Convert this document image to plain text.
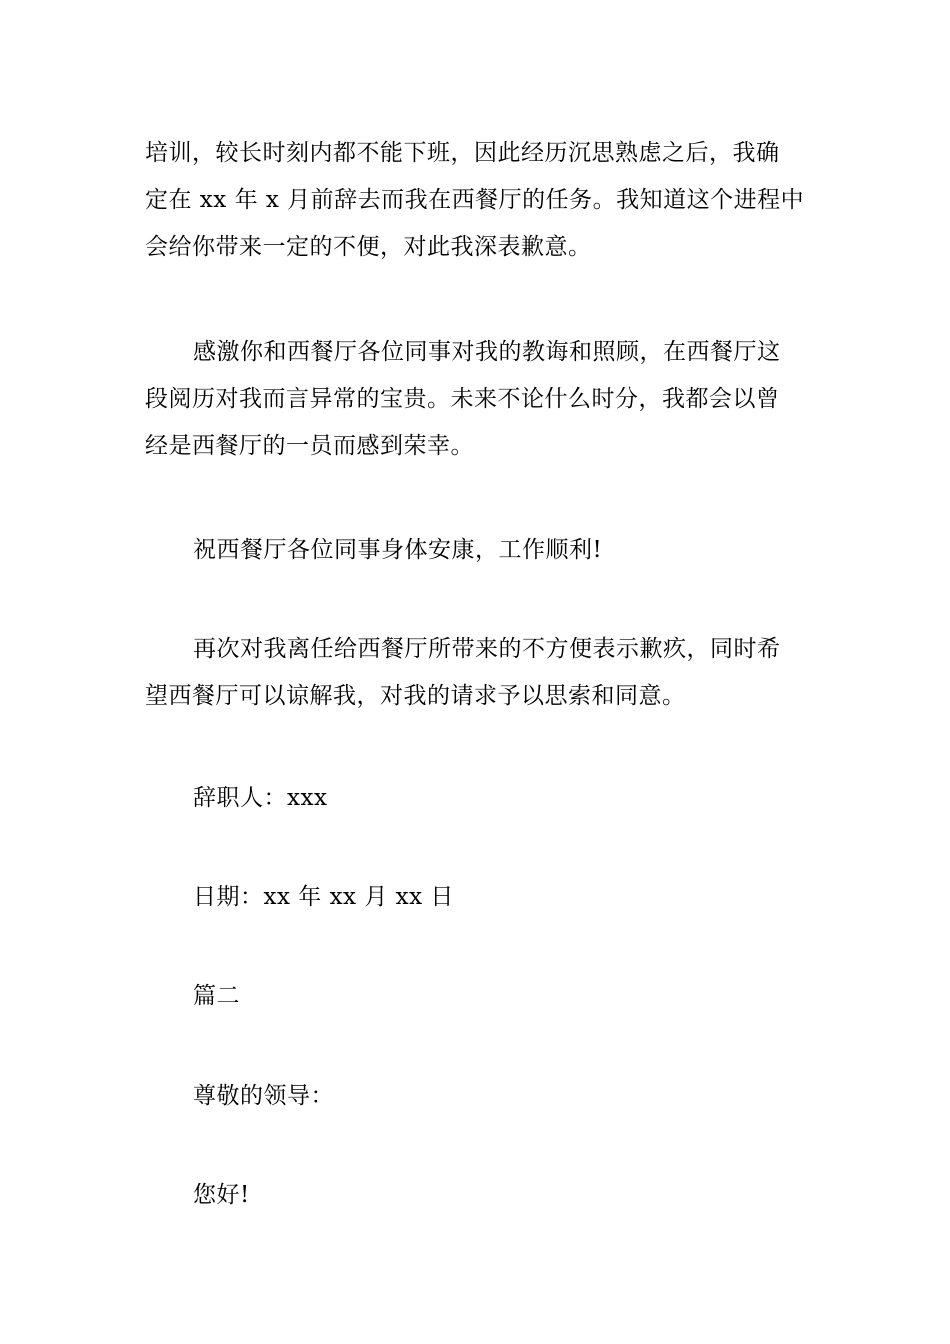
培训，较长时刻内都不能下班，因此经历沉思熟虑之后，我确
定在 xx 年 x 月前辞去而我在西餐厅的任务。我知道这个进程中
会给你带来一定的不便，对此我深表歉意。
感激你和西餐厅各位同事对我的教诲和照顾，在西餐厅这
段阅历对我而言异常的宝贵。未来不论什么时分，我都会以曾
经是西餐厅的一员而感到荣幸。
祝西餐厅各位同事身体安康，工作顺利!
再次对我离任给西餐厅所带来的不方便表示歉疚，同时希
望西餐厅可以谅解我，对我的请求予以思索和同意。
辞职人：xxx
日期：xx 年 xx 月 xx 日
篇二
尊敬的领导：
您好!
